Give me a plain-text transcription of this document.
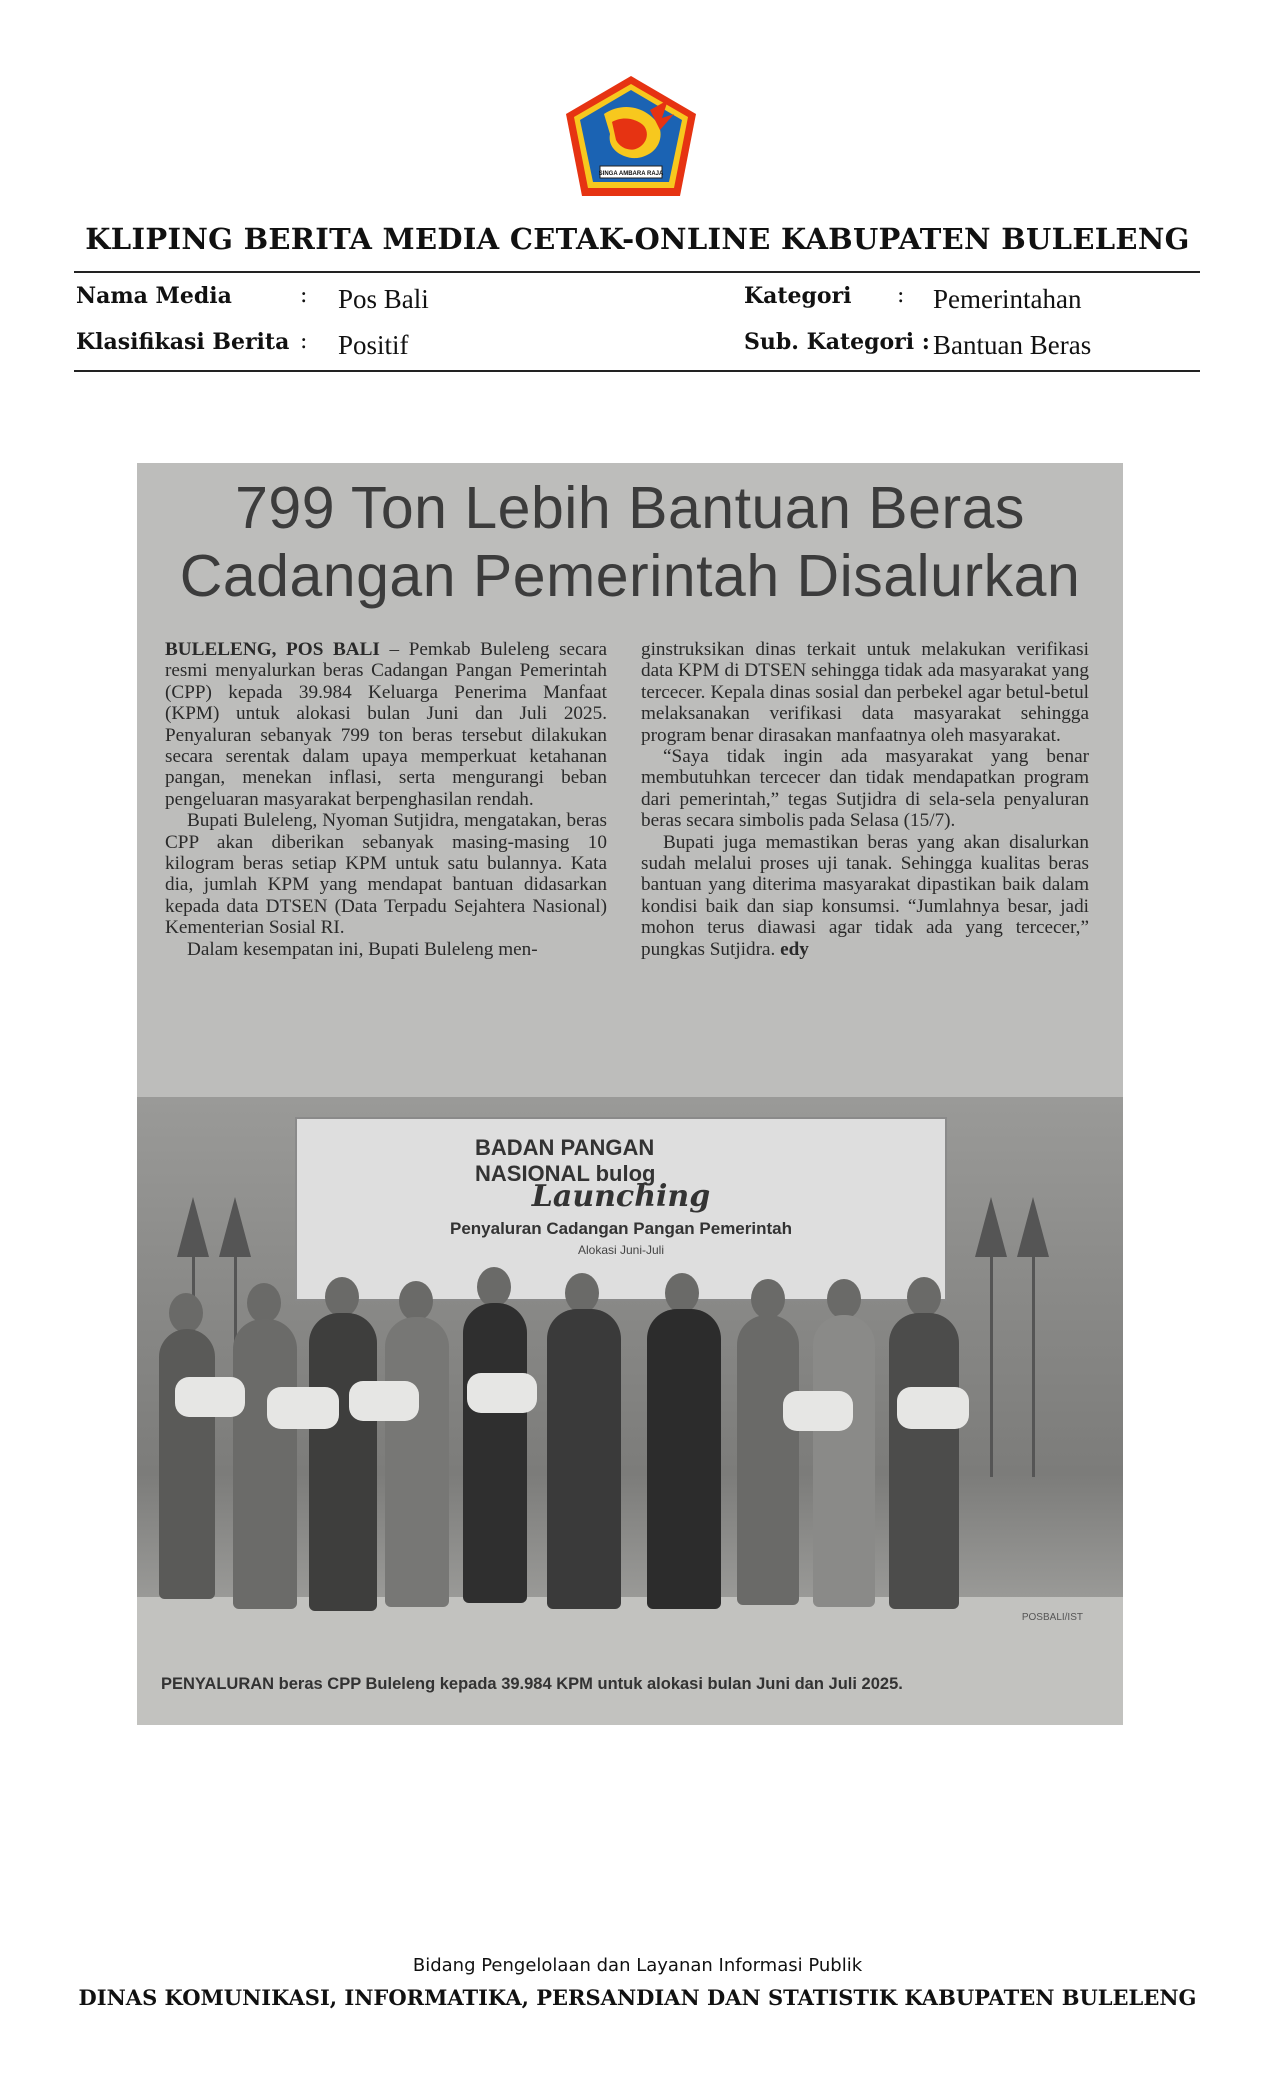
SINGA AMBARA RAJA
KLIPING BERITA MEDIA CETAK-ONLINE KABUPATEN BULELENG
Nama Media	: Pos Bali
Klasifikasi Berita : Positif
Kategori : Pemerintahan
Sub. Kategori : Bantuan Beras
799 Ton Lebih Bantuan Beras
Cadangan Pemerintah Disalurkan

BULELENG, POS BALI – Pemkab Buleleng secara resmi menyalurkan beras Cadangan Pangan Pemerintah (CPP) kepada 39.984 Keluarga Penerima Manfaat (KPM) untuk alokasi bulan Juni dan Juli 2025. Penyaluran sebanyak 799 ton beras tersebut dilakukan secara serentak dalam upaya memperkuat ketahanan pangan, menekan inflasi, serta mengurangi beban pengeluaran masyarakat berpenghasilan rendah.

Bupati Buleleng, Nyoman Sutjidra, mengatakan, beras CPP akan diberikan sebanyak masing-masing 10 kilogram beras setiap KPM untuk satu bulannya. Kata dia, jumlah KPM yang mendapat bantuan didasarkan kepada data DTSEN (Data Terpadu Sejahtera Nasional) Kementerian Sosial RI.

Dalam kesempatan ini, Bupati Buleleng men-

ginstruksikan dinas terkait untuk melakukan verifikasi data KPM di DTSEN sehingga tidak ada masyarakat yang tercecer. Kepala dinas sosial dan perbekel agar betul-betul melaksanakan verifikasi data masyarakat sehingga program benar dirasakan manfaatnya oleh masyarakat.

“Saya tidak ingin ada masyarakat yang benar membutuhkan tercecer dan tidak mendapatkan program dari pemerintah,” tegas Sutjidra di sela-sela penyaluran beras secara simbolis pada Selasa (15/7).

Bupati juga memastikan beras yang akan disalurkan sudah melalui proses uji tanak. Sehingga kualitas beras bantuan yang diterima masyarakat dipastikan baik dalam kondisi baik dan siap konsumsi. “Jumlahnya besar, jadi mohon terus diawasi agar tidak ada yang tercecer,” pungkas Sutjidra. edy

BADAN PANGAN NASIONAL bulog
Launching
Penyaluran Cadangan Pangan Pemerintah
Alokasi Juni-Juli
POSBALI/IST
PENYALURAN beras CPP Buleleng kepada 39.984 KPM untuk alokasi bulan Juni dan Juli 2025.
Bidang Pengelolaan dan Layanan Informasi Publik
DINAS KOMUNIKASI, INFORMATIKA, PERSANDIAN DAN STATISTIK KABUPATEN BULELENG
